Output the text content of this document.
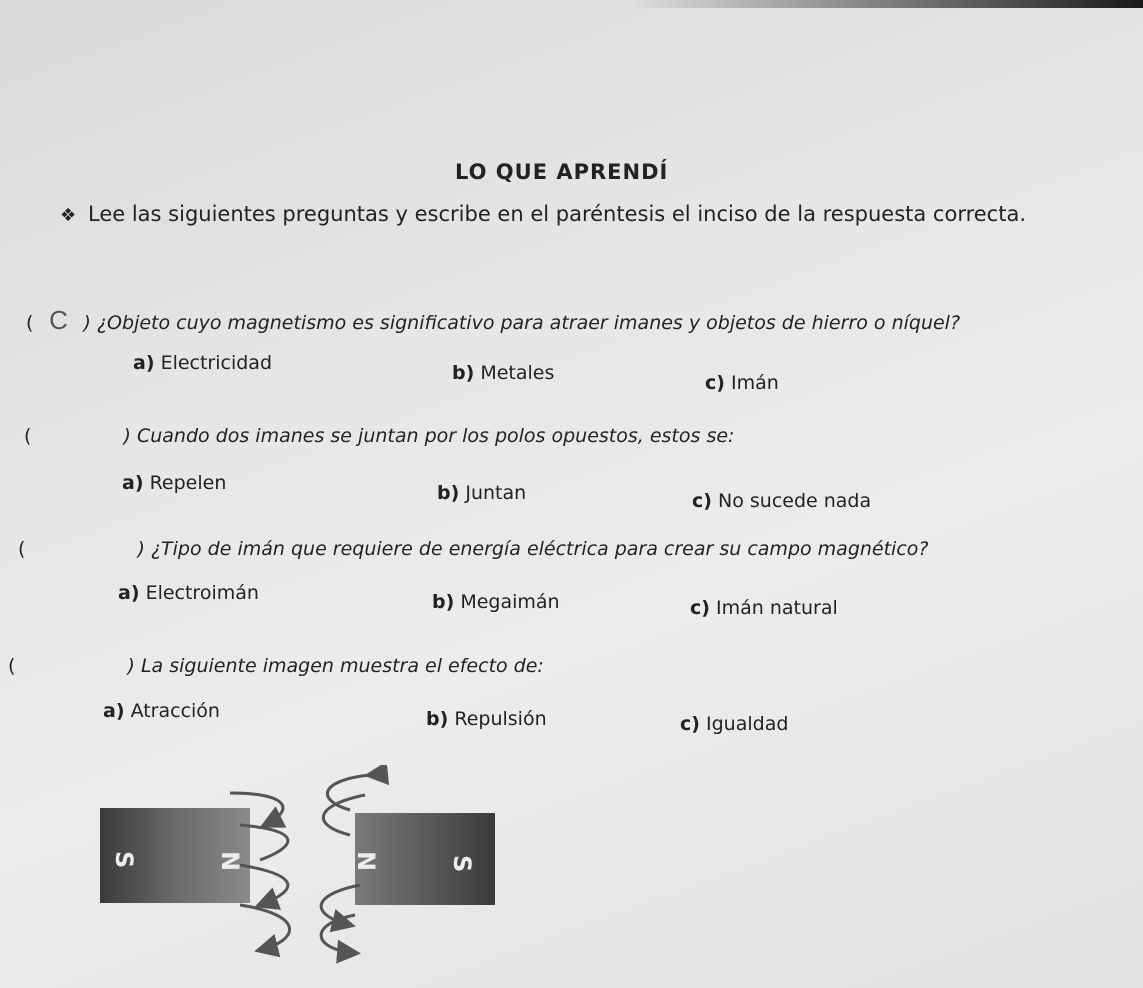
LO QUE APRENDÍ
❖ Lee las siguientes preguntas y escribe en el paréntesis el inciso de la respuesta correcta.
( C ) ¿Objeto cuyo magnetismo es significativo para atraer imanes y objetos de hierro o níquel?
a) Electricidad	b) Metales	c) Imán
(	) Cuando dos imanes se juntan por los polos opuestos, estos se:
a) Repelen	b) Juntan	c) No sucede nada
(	) ¿Tipo de imán que requiere de energía eléctrica para crear su campo magnético?
a) Electroimán	b) Megaimán	c) Imán natural
(	) La siguiente imagen muestra el efecto de:
a) Atracción	b) Repulsión	c) Igualdad
S	N	N	S
